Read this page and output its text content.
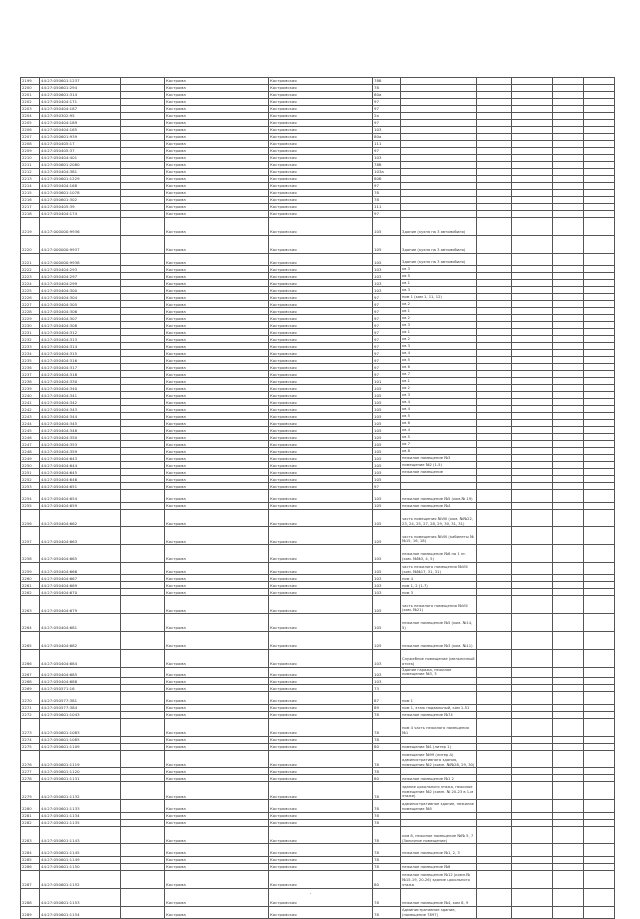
2199	44:27:050601:1237		Кострома	Костромская	78б					
2200	44:27:050601:294		Кострома	Костромская	78					
2201	44:27:050601:314		Кострома	Костромская	80а					
2202	44:27:050404:171		Кострома	Костромская	97					
2203	44:27:050404:187		Кострома	Костромская	97					
2204	44:27:050302:95		Кострома	Костромская	2а					
2205	44:27:050404:189		Кострома	Костромская	97					
2206	44:27:050404:165		Кострома	Костромская	103					
2207	44:27:050601:939		Кострома	Костромская	80а					
2208	44:27:050405:17		Кострома	Костромская	111					
2209	44:27:050405:37		Кострома	Костромская	97					
2210	44:27:050404:401		Кострома	Костромская	103					
2211	44:27:050601:2080		Кострома	Костромская	78б					
2212	44:27:050404:381		Кострома	Костромская	103а					
2213	44:27:050601:1229		Кострома	Костромская	80б					
2214	44:27:050404:168		Кострома	Костромская	97					
2215	44:27:050601:1078		Кострома	Костромская	78					
2216	44:27:050601:302		Кострома	Костромская	78					
2217	44:27:050405:39		Кострома	Костромская	111					
2218	44:27:050404:174		Кострома	Костромская	97					
2219	44:27:000000:9936		Кострома	Костромская	105	Здание (кухня на 3 автомобиля)				
2220	44:27:000000:9937		Кострома	Костромская	105	Здание (кухня на 3 автомобиля)				
2221	44:27:000000:9938		Кострома	Костромская	105	Здание (кухня на 3 автомобиля)				
2222	44:27:050404:293		Кострома	Костромская	103	кв 3				
2223	44:27:050404:297		Кострома	Костромская	103	кв 5				
2224	44:27:050404:299		Кострома	Костромская	103	кв 1				
2225	44:27:050404:300		Кострома	Костромская	103	кв 3				
2226	44:27:050404:304		Кострома	Костромская	97	пом 1 (ком 1, 11, 12)				
2227	44:27:050404:305		Кострома	Костромская	97	кв 2				
2228	44:27:050404:306		Кострома	Костромская	97	кв 1				
2229	44:27:050404:307		Кострома	Костромская	97	кв 2				
2230	44:27:050404:308		Кострома	Костромская	97	кв 3				
2231	44:27:050404:312		Кострома	Костромская	97	кв 1				
2232	44:27:050404:313		Кострома	Костромская	97	кв 2				
2233	44:27:050404:314		Кострома	Костромская	97	кв 3				
2234	44:27:050404:315		Кострома	Костромская	97	кв 4				
2235	44:27:050404:316		Кострома	Костромская	97	кв 5				
2236	44:27:050404:317		Кострома	Костромская	97	кв 6				
2237	44:27:050404:318		Кострома	Костромская	97	кв 7				
2238	44:27:050404:330		Кострома	Костромская	101	кв 1				
2239	44:27:050404:340		Кострома	Костромская	105	кв 2				
2240	44:27:050404:341		Кострома	Костромская	105	кв 3				
2241	44:27:050404:342		Кострома	Костромская	105	кв 4				
2242	44:27:050404:343		Кострома	Костромская	105	кв 4				
2243	44:27:050404:344		Кострома	Костромская	105	кв 5				
2244	44:27:050404:345		Кострома	Костромская	105	кв 6				
2245	44:27:050404:348		Кострома	Костромская	105	кв 4				
2246	44:27:050404:350		Кострома	Костромская	105	кв 5				
2247	44:27:050404:353		Кострома	Костромская	105	кв 7				
2248	44:27:050404:359		Кострома	Костромская	105	кв 8				
2249	44:27:050404:643		Кострома	Костромская	105	нежилое помещение №3				
2250	44:27:050404:644		Кострома	Костромская	105	помещение №2 (1-5)				
2251	44:27:050404:645		Кострома	Костромская	105	нежилое помещение				
2252	44:27:050404:646		Кострома	Костромская	105					
2253	44:27:050404:651		Кострома	Костромская	97					
2254	44:27:050404:654		Кострома	Костромская	105	нежилое помещение №5 (ком.№ 19)				
2255	44:27:050404:659		Кострома	Костромская	105	нежилое помещение №4				
2256	44:27:050404:662		Кострома	Костромская	105	часть помещения №VIII (ком. №№22, 23, 24, 25, 27, 28, 29, 30, 31, 31)				
2257	44:27:050404:663		Кострома	Костромская	105	часть помещения №VIII (кабинеты №№15, 16, 18)				
2258	44:27:050404:665		Кострома	Костромская	105	нежилое помещение №6 на 1 эт. (ком. №№3, 4, 5)				
2259	44:27:050404:666		Кострома	Костромская	105	часть нежилого помещения №VIII (ком. №№17, 31, 31)				
2260	44:27:050404:667		Кострома	Костромская	103	пом 4				
2261	44:27:050404:669		Кострома	Костромская	103	пом 1, 2 (1-7)				
2262	44:27:050404:670		Кострома	Костромская	103	пом 3				
2263	44:27:050404:679		Кострома	Костромская	105	часть нежилого помещения №VIII (ком. №21)				
2264	44:27:050404:681		Кострома	Костромская	105	нежилое помещение №5 (ком. №14, 5)				
2265	44:27:050404:682		Кострома	Костромская	105	нежилое помещение №3 (ком. №11)				
2266	44:27:050404:684		Кострома	Костромская	103	Служебное помещение (мельничный отсек)				
2267	44:27:050404:685		Кострома	Костромская	103	Здание гаража, нежилое помещение №3, 3				
2268	44:27:050404:688		Кострома	Костромская	103					
2269	44:27:050571:16		Кострома	Костромская	73					
2270	44:27:050577:381		Кострома	Костромская	87	пом 1				
2271	44:27:050577:384		Кострома	Костромская	89	пом 1, этаж подвальный, ком 1-51				
2272	44:27:050601:1043		Кострома	Костромская	78	нежилое помещение №74				
2273	44:27:050601:1083		Кострома	Костромская	78	пом 4 часть нежилого помещения №1				
2274	44:27:050601:1085		Кострома	Костромская	78					
2275	44:27:050601:1109		Кострома	Костромская	80	помещение №1 (литер 1)				
2276	44:27:050601:1119		Кострома	Костромская	78	помещение №99 (литер А) административного здания, помещения №2 (комн. №№28, 29, 30)				
2277	44:27:050601:1120		Кострома	Костромская	78					
2278	44:27:050601:1131		Кострома	Костромская	80	нежилое помещение №1 2				
2279	44:27:050601:1132		Кострома	Костромская	78	здание цокольного этажа, нежилое помещение №2 (комн. № 20-23 в 1-м этаже)				
2280	44:27:050601:1133		Кострома	Костромская	78	административное здание, нежилое помещение №5				
2281	44:27:050601:1134		Кострома	Костромская	78					
2282	44:27:050601:1135		Кострома	Костромская	78					
2283	44:27:050601:1143		Кострома	Костромская	78	ком 8, нежилое помещение №№ 5, 7 (Заличное помещение)				
2284	44:27:050601:1145		Кострома	Костромская	78	нежилое помещение №1, 2, 3				
2285	44:27:050601:1149		Кострома	Костромская	78					
2286	44:27:050601:1150		Кострома	Костромская	78	нежилое помещение №6				
2287	44:27:050601:1152		Кострома	Костромская	80	нежилое помещение №12 (комн.№ №15-19, 20-26) здание цокольного этажа				
2288	44:27:050601:1153		Кострома	Костромская	78	нежилое помещение №4, ком 8, 9				
2289	44:27:050601:1154		Кострома	Костромская	78	Административное здание, (помещение 7897)				
